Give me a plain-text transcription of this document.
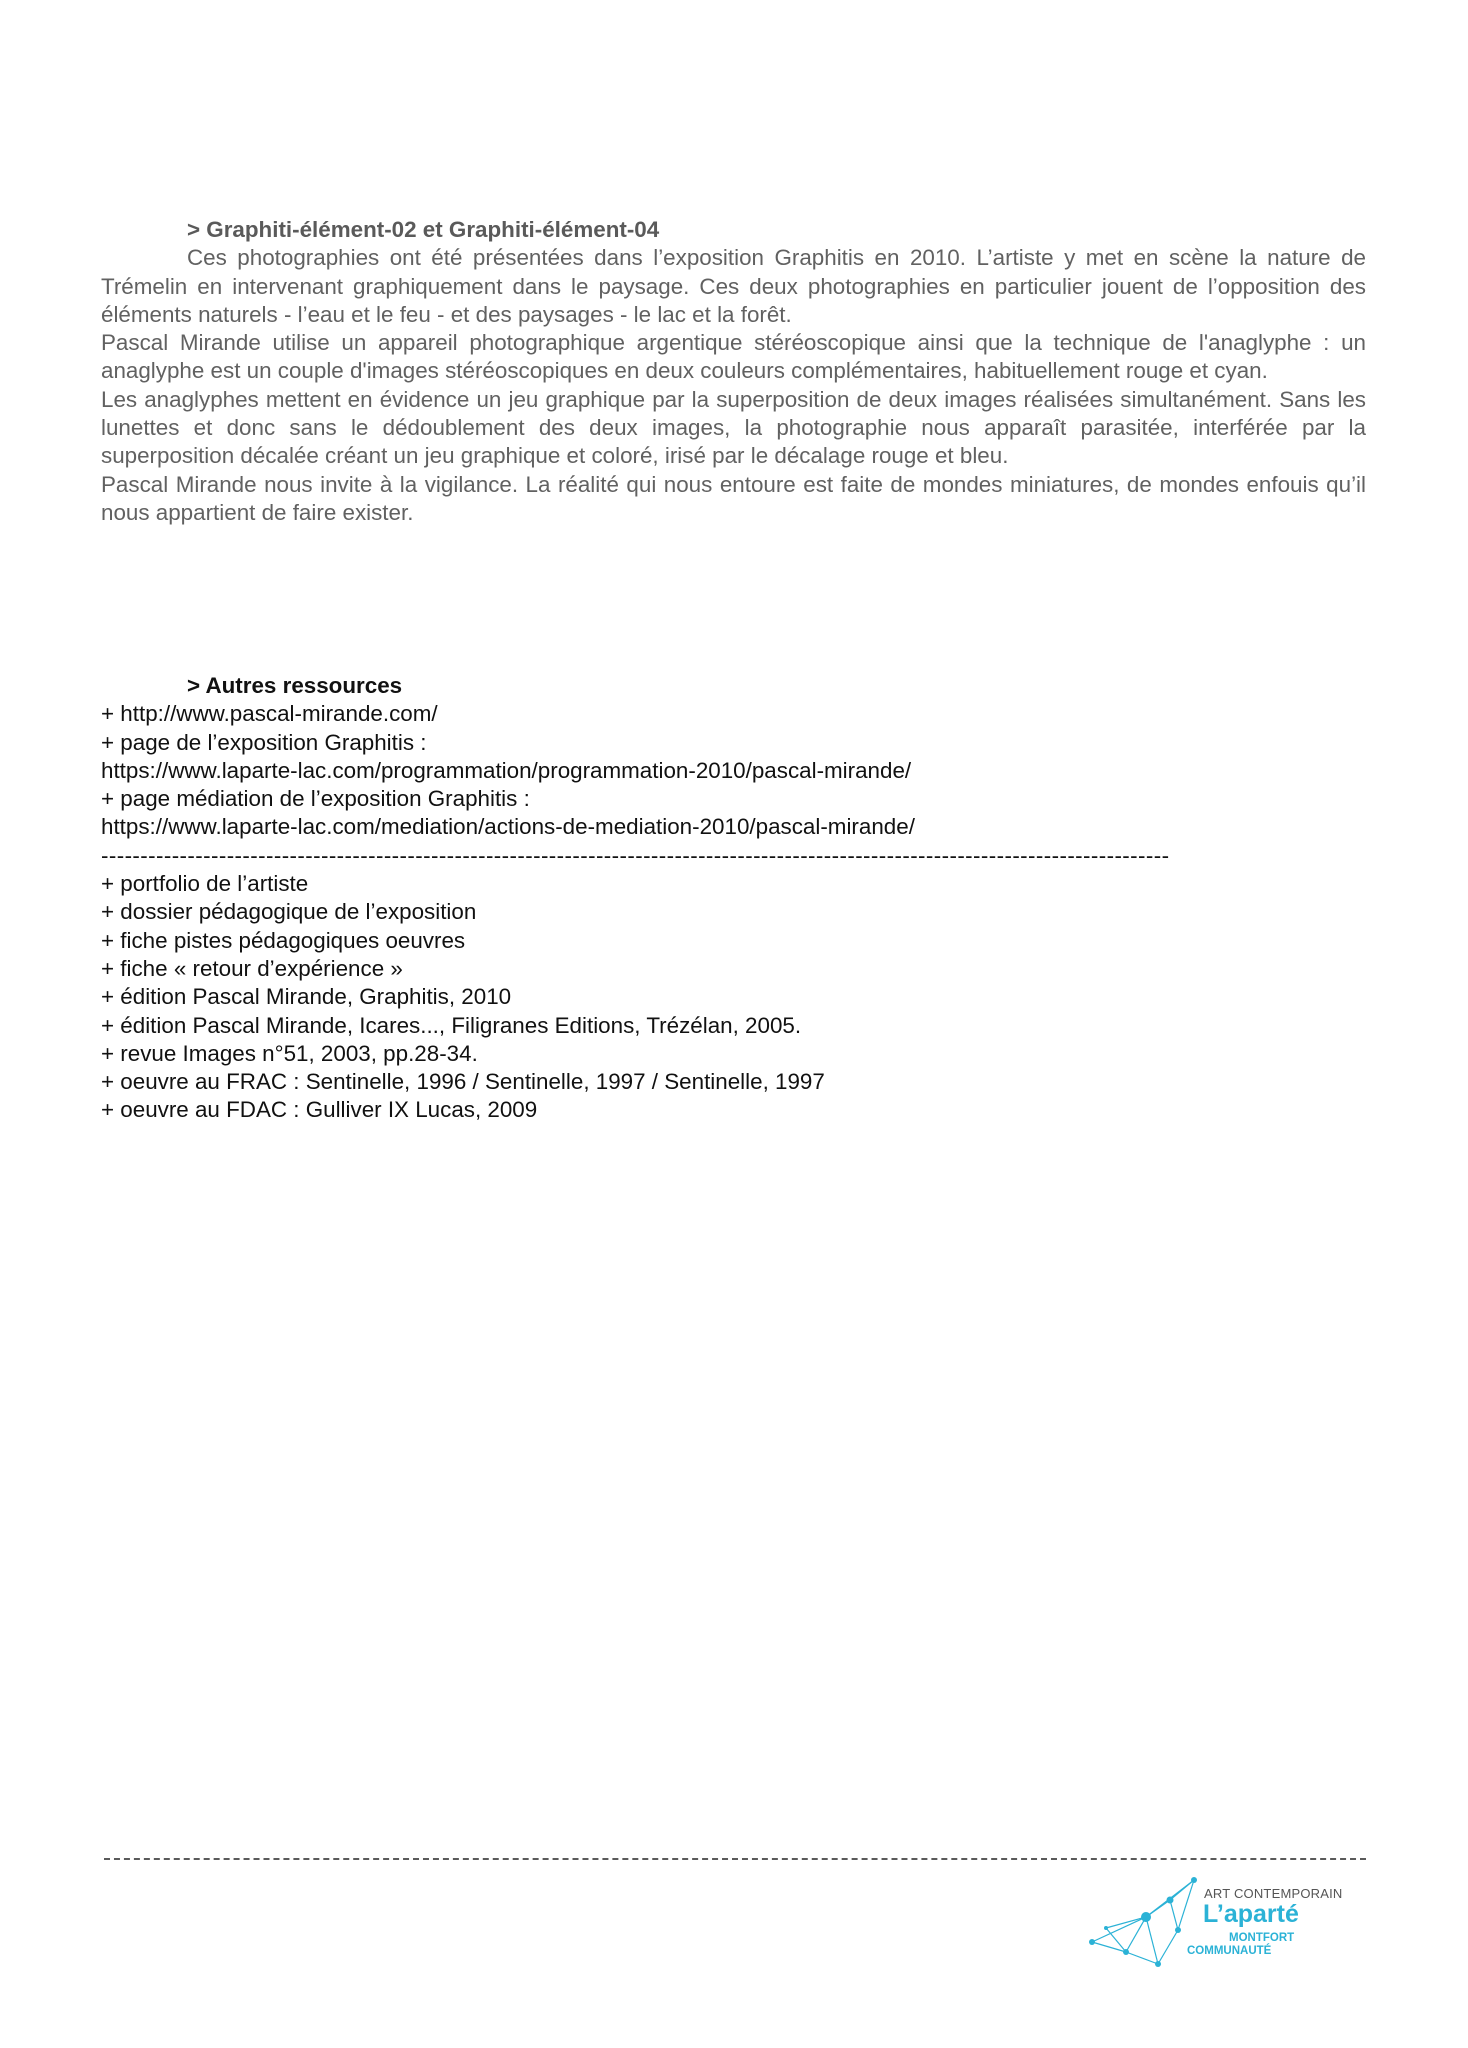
> Graphiti-élément-02 et Graphiti-élément-04

Ces photographies ont été présentées dans l’exposition Graphitis en 2010. L’artiste y met en scène la nature de Trémelin en intervenant graphiquement dans le paysage. Ces deux photographies en particulier jouent de l’opposition des éléments naturels - l’eau et le feu - et des paysages - le lac et la forêt.

Pascal Mirande utilise un appareil photographique argentique stéréoscopique ainsi que la technique de l'anaglyphe : un anaglyphe est un couple d'images stéréoscopiques en deux couleurs complémentaires, habituellement rouge et cyan.

Les anaglyphes mettent en évidence un jeu graphique par la superposition de deux images réalisées simultanément. Sans les lunettes et donc sans le dédoublement des deux images, la photographie nous apparaît parasitée, interférée par la superposition décalée créant un jeu graphique et coloré, irisé par le décalage rouge et bleu.

Pascal Mirande nous invite à la vigilance. La réalité qui nous entoure est faite de mondes miniatures, de mondes enfouis qu’il nous appartient de faire exister.

> Autres ressources

+ http://www.pascal-mirande.com/

+ page de l’exposition Graphitis :

https://www.laparte-lac.com/programmation/programmation-2010/pascal-mirande/

+ page médiation de l’exposition Graphitis :

https://www.laparte-lac.com/mediation/actions-de-mediation-2010/pascal-mirande/

----------------------------------------------------------------------------------------------------------------------------------------

+ portfolio de l’artiste

+ dossier pédagogique de l’exposition

+ fiche pistes pédagogiques oeuvres

+ fiche « retour d’expérience »

+ édition Pascal Mirande, Graphitis, 2010

+ édition Pascal Mirande, Icares..., Filigranes Editions, Trézélan, 2005.

+ revue Images n°51, 2003, pp.28-34.

+ oeuvre au FRAC : Sentinelle, 1996 / Sentinelle, 1997 / Sentinelle, 1997

+ oeuvre au FDAC : Gulliver IX Lucas, 2009

ART CONTEMPORAIN
L’aparté
MONTFORT
COMMUNAUTÉ
